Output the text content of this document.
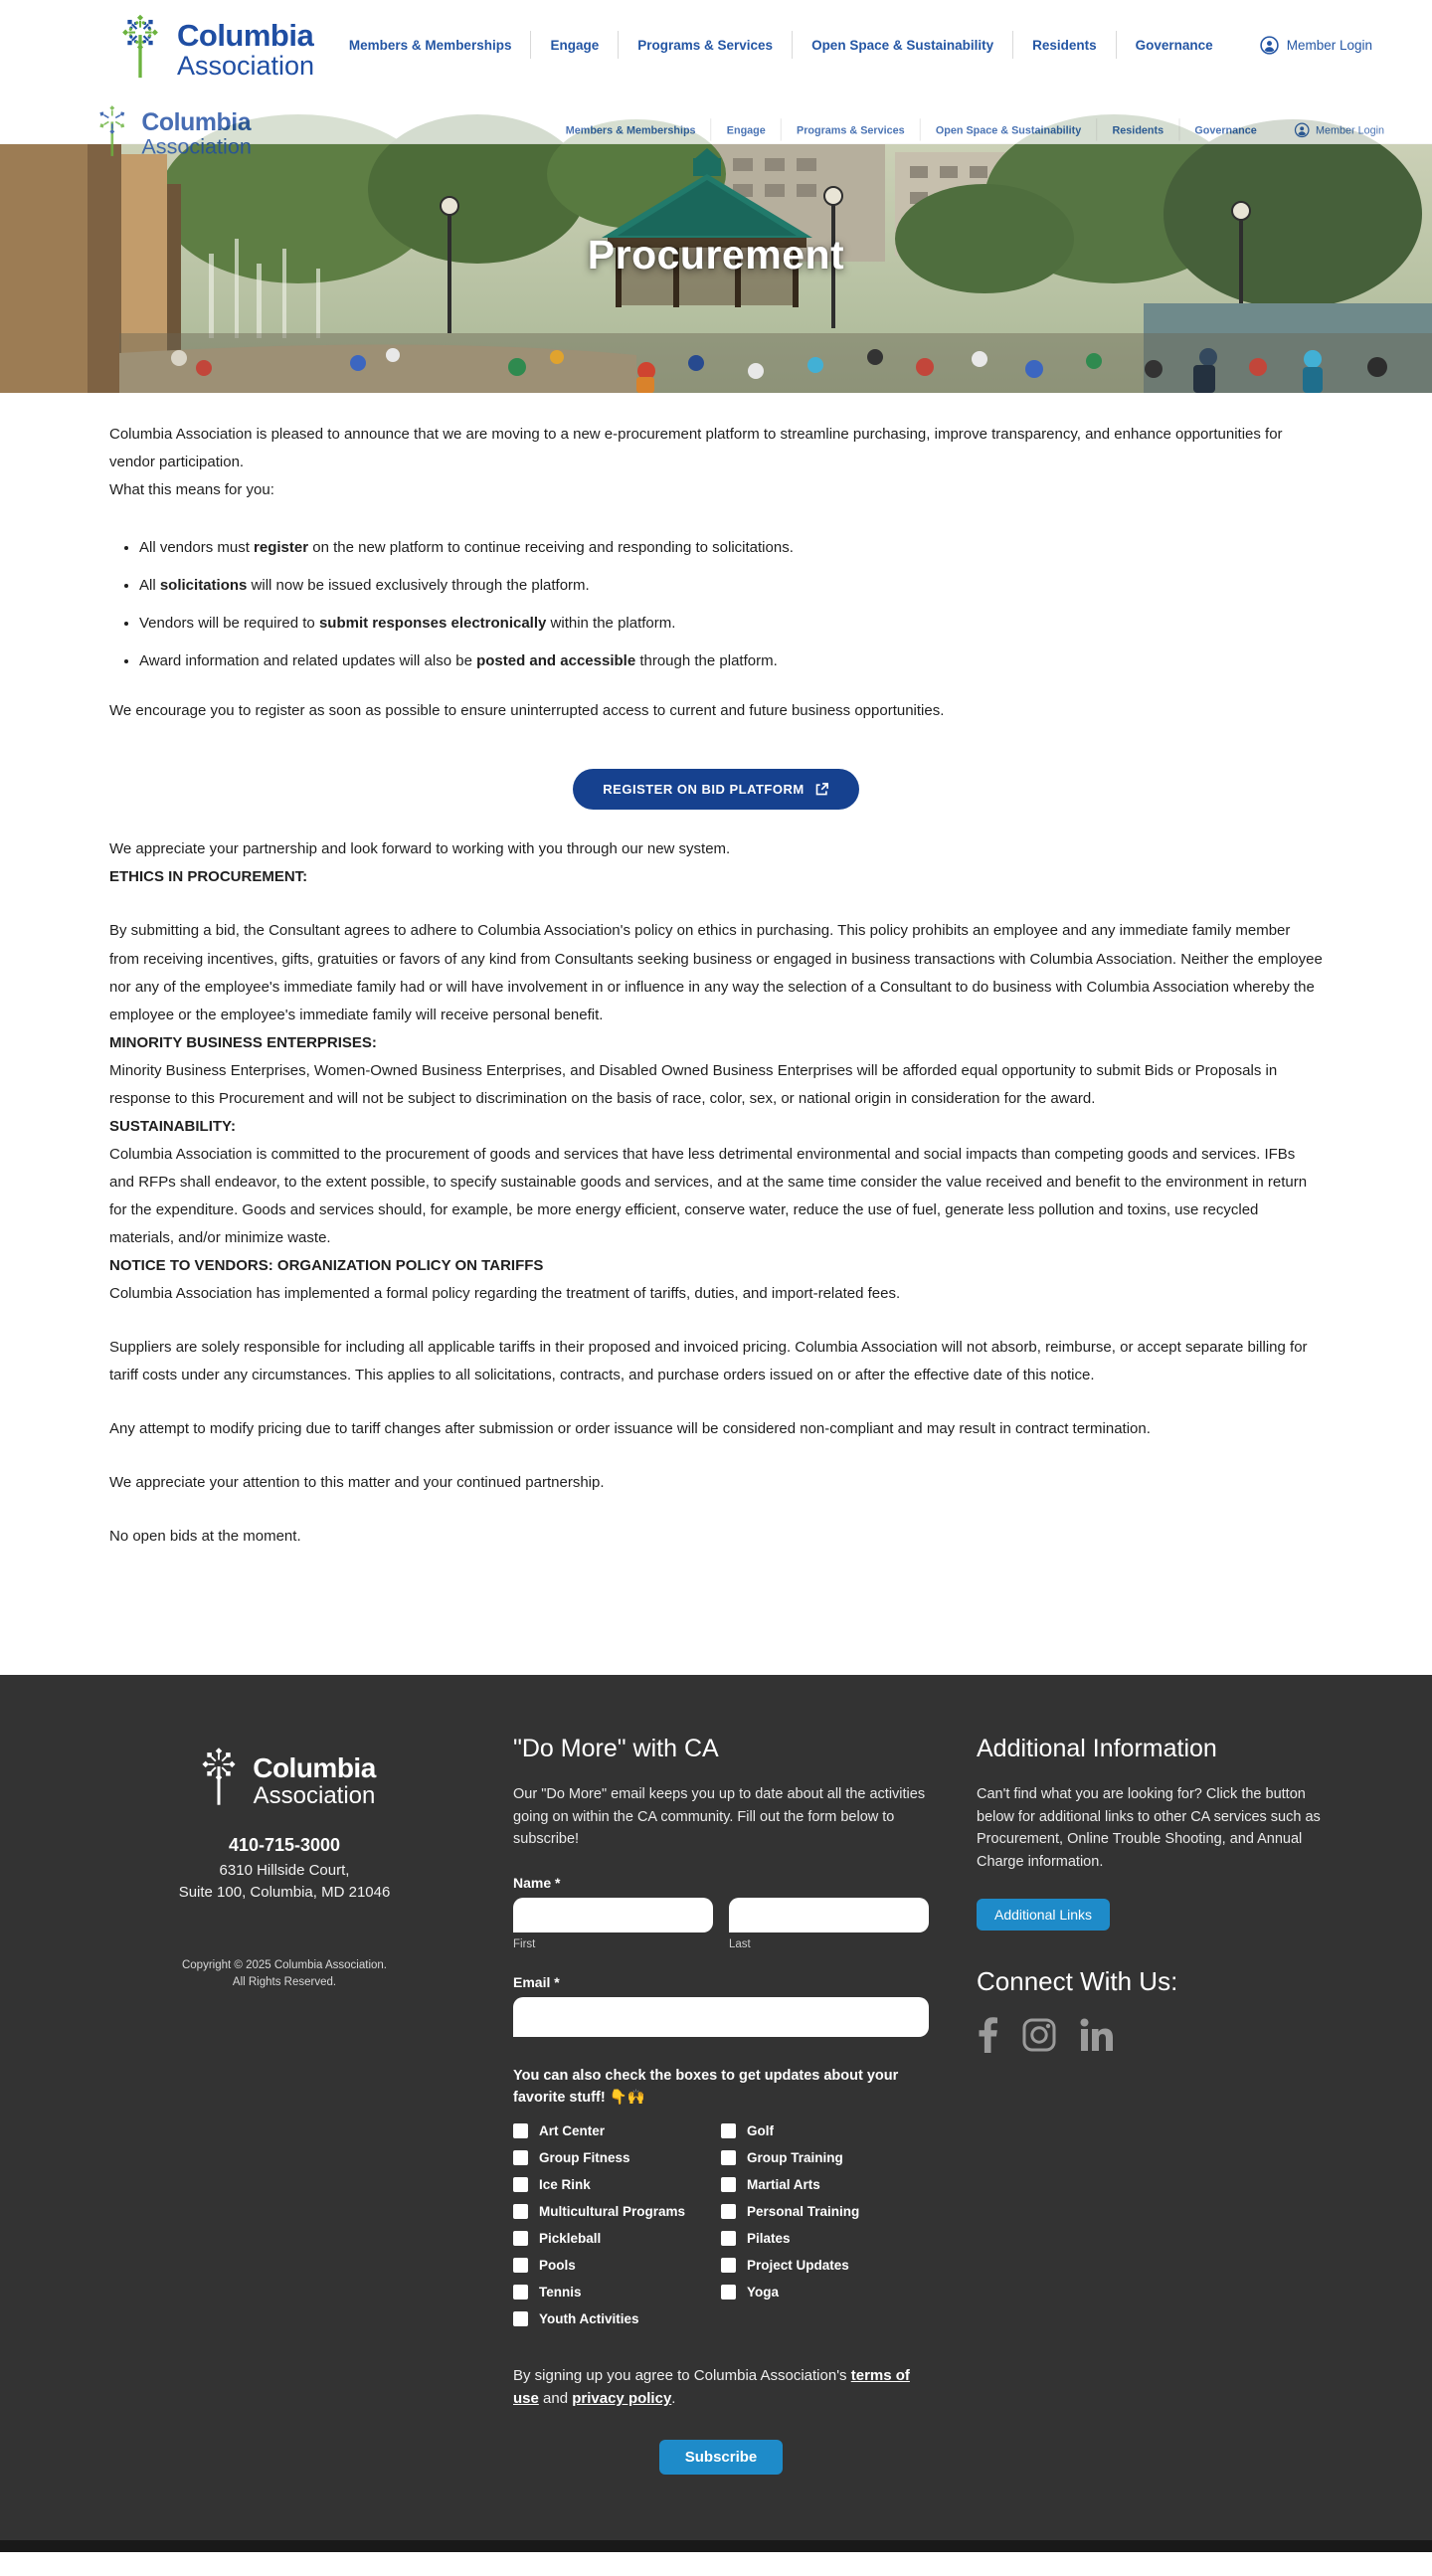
Columbia
Association
Members & Memberships	Engage	Programs & Services	Open Space & Sustainability	Residents	Governance	Member Login
Columbia
Association
Members & Memberships	Engage	Programs & Services	Open Space & Sustainability	Residents	Governance	Member Login
Procurement

Columbia Association is pleased to announce that we are moving to a new e-procurement platform to streamline purchasing, improve transparency, and enhance opportunities for vendor participation.

What this means for you:

• All vendors must register on the new platform to continue receiving and responding to solicitations.
• All solicitations will now be issued exclusively through the platform.
• Vendors will be required to submit responses electronically within the platform.
• Award information and related updates will also be posted and accessible through the platform.

We encourage you to register as soon as possible to ensure uninterrupted access to current and future business opportunities.

REGISTER ON BID PLATFORM

We appreciate your partnership and look forward to working with you through our new system.

ETHICS IN PROCUREMENT:

By submitting a bid, the Consultant agrees to adhere to Columbia Association's policy on ethics in purchasing. This policy prohibits an employee and any immediate family member from receiving incentives, gifts, gratuities or favors of any kind from Consultants seeking business or engaged in business transactions with Columbia Association. Neither the employee nor any of the employee's immediate family had or will have involvement in or influence in any way the selection of a Consultant to do business with Columbia Association whereby the employee or the employee's immediate family will receive personal benefit.

MINORITY BUSINESS ENTERPRISES:

Minority Business Enterprises, Women-Owned Business Enterprises, and Disabled Owned Business Enterprises will be afforded equal opportunity to submit Bids or Proposals in response to this Procurement and will not be subject to discrimination on the basis of race, color, sex, or national origin in consideration for the award.

SUSTAINABILITY:

Columbia Association is committed to the procurement of goods and services that have less detrimental environmental and social impacts than competing goods and services. IFBs and RFPs shall endeavor, to the extent possible, to specify sustainable goods and services, and at the same time consider the value received and benefit to the environment in return for the expenditure. Goods and services should, for example, be more energy efficient, conserve water, reduce the use of fuel, generate less pollution and toxins, use recycled materials, and/or minimize waste.

NOTICE TO VENDORS: ORGANIZATION POLICY ON TARIFFS

Columbia Association has implemented a formal policy regarding the treatment of tariffs, duties, and import-related fees.

Suppliers are solely responsible for including all applicable tariffs in their proposed and invoiced pricing. Columbia Association will not absorb, reimburse, or accept separate billing for tariff costs under any circumstances. This applies to all solicitations, contracts, and purchase orders issued on or after the effective date of this notice.

Any attempt to modify pricing due to tariff changes after submission or order issuance will be considered non-compliant and may result in contract termination.

We appreciate your attention to this matter and your continued partnership.

No open bids at the moment.

Columbia
Association
410-715-3000
6310 Hillside Court,
Suite 100, Columbia, MD 21046
Copyright © 2025 Columbia Association.
All Rights Reserved.
"Do More" with CA

Our "Do More" email keeps you up to date about all the activities going on within the CA community. Fill out the form below to subscribe!

Name *
First	Last
Email *
You can also check the boxes to get updates about your favorite stuff! 👇🙌
Art Center
Group Fitness
Ice Rink
Multicultural Programs
Pickleball
Pools
Tennis
Youth Activities
Golf
Group Training
Martial Arts
Personal Training
Pilates
Project Updates
Yoga
By signing up you agree to Columbia Association's terms of use and privacy policy.
Subscribe
Additional Information

Can't find what you are looking for? Click the button below for additional links to other CA services such as Procurement, Online Trouble Shooting, and Annual Charge information.

Additional Links
Connect With Us:
